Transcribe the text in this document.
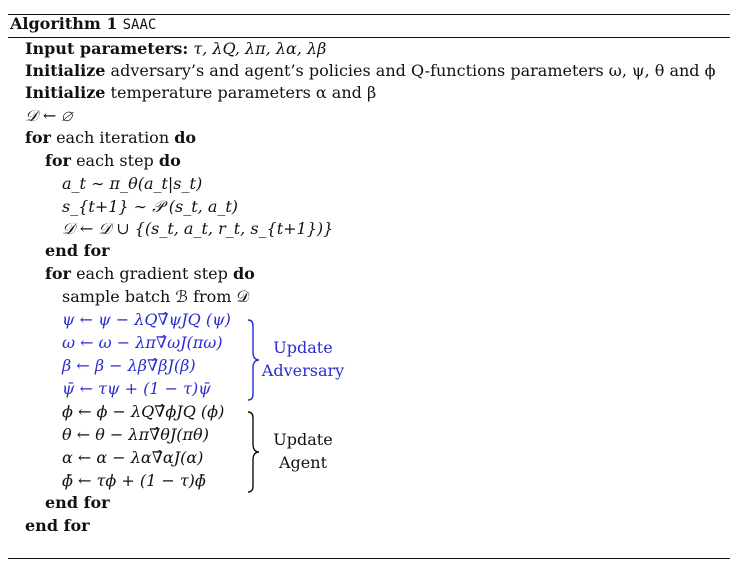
Algorithm 1 SAAC
Input parameters: τ, λQ, λπ, λα, λβ
Initialize adversary’s and agent’s policies and Q-functions parameters ω, ψ, θ and ϕ
Initialize temperature parameters α and β
𝒟 ← ∅
for each iteration do
for each step do
a_t ∼ π_θ(a_t|s_t)
s_{t+1} ∼ 𝒫 (s_t, a_t)
𝒟 ← 𝒟 ∪ {(s_t, a_t, r_t, s_{t+1})}
end for
for each gradient step do
sample batch ℬ from 𝒟
ψ ← ψ − λQ∇̂ψJQ (ψ)
ω ← ω − λπ∇̂ωJ(πω)
β ← β − λβ∇̂βJ(β)
ψ̄ ← τψ + (1 − τ)ψ̄
ϕ ← ϕ − λQ∇̂ϕJQ (ϕ)
θ ← θ − λπ∇̂θJ(πθ)
α ← α − λα∇̂αJ(α)
ϕ̄ ← τϕ + (1 − τ)ϕ̄
end for
end for
Update
Adversary
Update
Agent
